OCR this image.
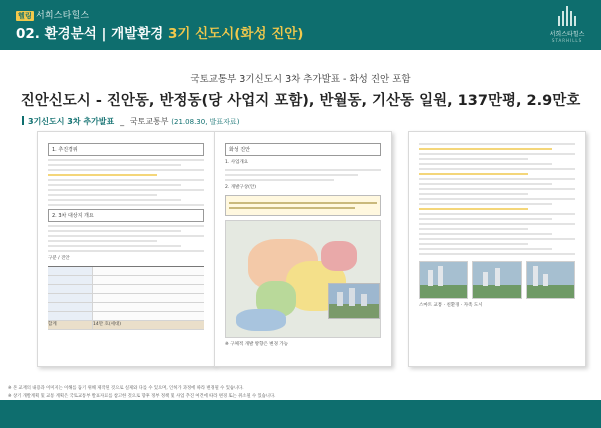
헬링 서희스타힐스
02. 환경분석 | 개발환경 3기 신도시(화성 진안)	서희스타힐스
STARHILLS
국토교통부 3기신도시 3차 추가발표 - 화성 진안 포함
진안신도시 - 진안동, 반정동(당 사업지 포함), 반월동, 기산동 일원, 137만평, 2.9만호
3기신도시 3차 추가발표 _ 국토교통부 (21.08.30, 발표자료)
1. 추진경위
2. 3차 대상지 개요
구분 / 진안
합계	14만 호(세대)
화성 진안
1. 사업개요
2. 개발구상(안)
※ 구체적 개발 방향은 변경 가능
스마트 교통 · 친환경 · 자족 도시
※ 본 교재의 내용과 이미지는 이해를 돕기 위해 제작된 것으로 실제와 다를 수 있으며, 인허가 과정에 따라 변경될 수 있습니다.
※ 상기 개발계획 및 교통 계획은 국토교통부 발표자료를 참고한 것으로 향후 정부 정책 및 사업 추진 여건에 따라 변경 또는 취소될 수 있습니다.
